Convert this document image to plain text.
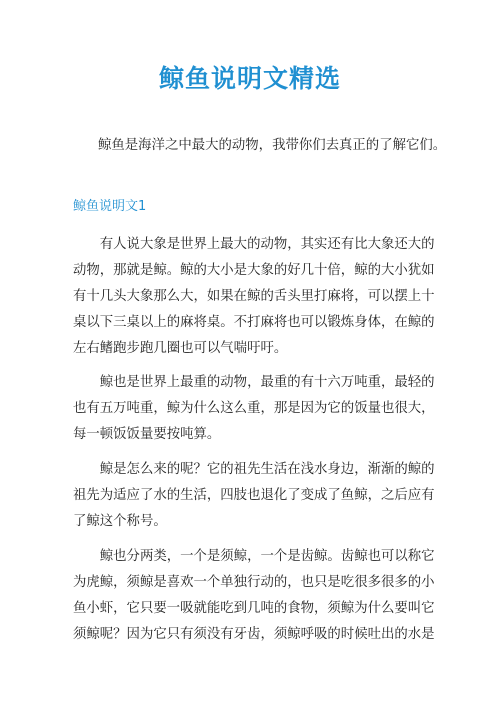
鲸鱼说明文精选
鲸鱼是海洋之中最大的动物，我带你们去真正的了解它们。
鲸鱼说明文1
　　有人说大象是世界上最大的动物，其实还有比大象还大的
动物，那就是鲸。鲸的大小是大象的好几十倍，鲸的大小犹如
有十几头大象那么大，如果在鲸的舌头里打麻将，可以摆上十
桌以下三桌以上的麻将桌。不打麻将也可以锻炼身体，在鲸的
左右鳍跑步跑几圈也可以气喘吁吁。
　　鲸也是世界上最重的动物，最重的有十六万吨重，最轻的
也有五万吨重，鲸为什么这么重，那是因为它的饭量也很大，
每一顿饭饭量要按吨算。
　　鲸是怎么来的呢？它的祖先生活在浅水身边，渐渐的鲸的
祖先为适应了水的生活，四肢也退化了变成了鱼鲸，之后应有
了鲸这个称号。
　　鲸也分两类，一个是须鲸，一个是齿鲸。齿鲸也可以称它
为虎鲸，须鲸是喜欢一个单独行动的，也只是吃很多很多的小
鱼小虾，它只要一吸就能吃到几吨的食物，须鲸为什么要叫它
须鲸呢？因为它只有须没有牙齿，须鲸呼吸的时候吐出的水是
